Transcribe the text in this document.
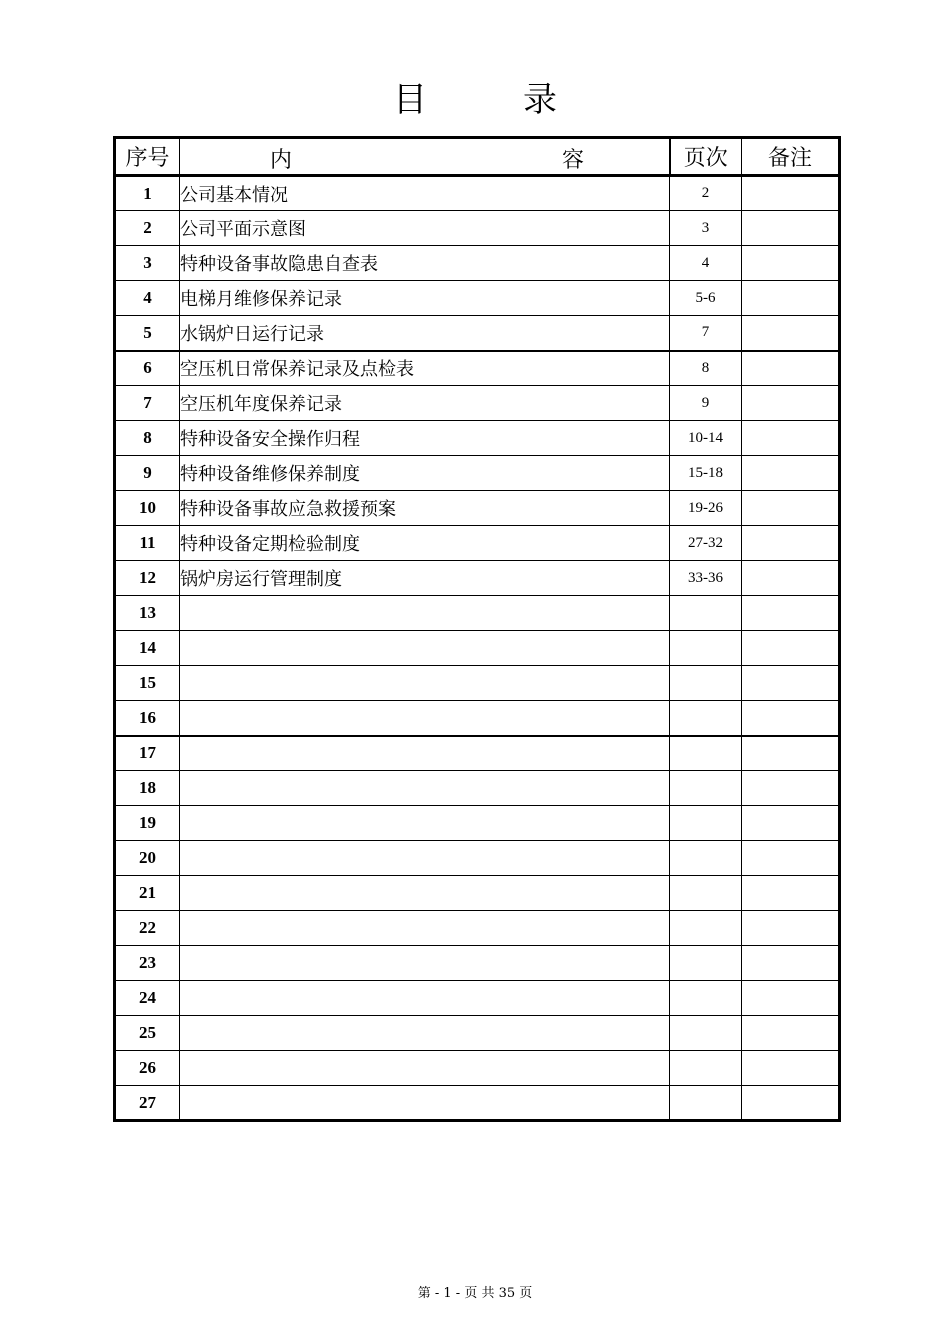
目	录
序号	内 容	页次	备注
1	公司基本情况	2	
2	公司平面示意图	3	
3	特种设备事故隐患自查表	4	
4	电梯月维修保养记录	5-6	
5	水锅炉日运行记录	7	
6	空压机日常保养记录及点检表	8	
7	空压机年度保养记录	9	
8	特种设备安全操作归程	10-14	
9	特种设备维修保养制度	15-18	
10	特种设备事故应急救援预案	19-26	
11	特种设备定期检验制度	27-32	
12	锅炉房运行管理制度	33-36	
13			
14			
15			
16			
17			
18			
19			
20			
21			
22			
23			
24			
25			
26			
27			
第 - 1 - 页 共 35 页
